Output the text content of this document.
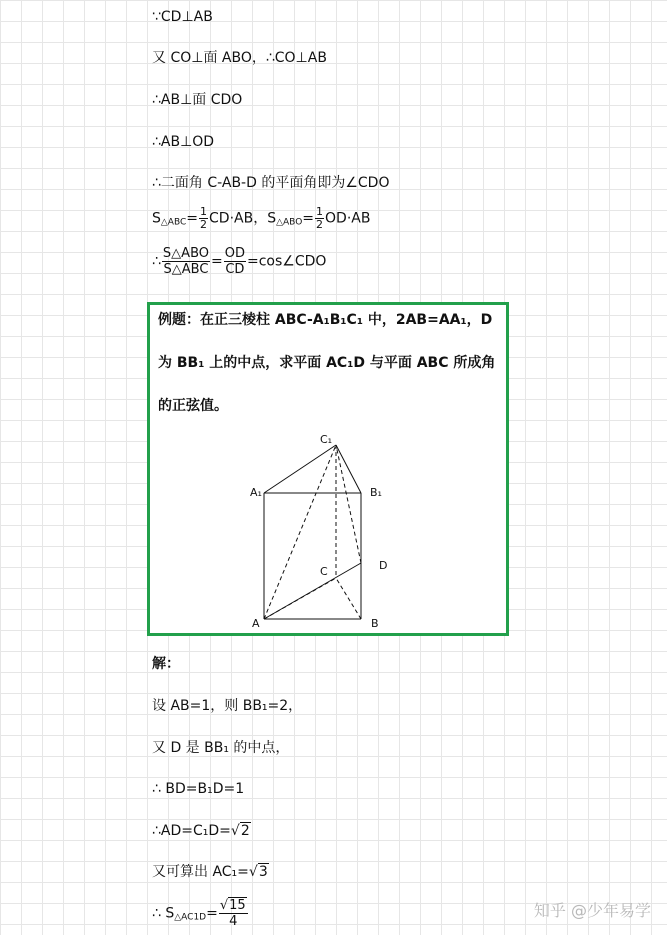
∵CD⊥AB
又 CO⊥面 ABO，∴CO⊥AB
∴AB⊥面 CDO
∴AB⊥OD
∴二面角 C-AB-D 的平面角即为∠CDO
$S_{\triangle ABC}= \frac{1}{2} CD\cdot AB$，$S_{\triangle ABO}= \frac{1}{2} OD\cdot AB$
∴ $\frac{\text{S△ABO}}{\text{S△ABC}} = \frac{OD}{CD}$ =cos∠CDO
解：
设 AB=1，则 BB₁=2，
又 D 是 BB₁ 的中点，
∴ BD=B₁D=1
∴AD=C₁D=√2
又可算出 AC₁=√3
∴ $S_{\triangle AC1D}= \frac{√15}{4}$
例题：在正三棱柱 ABC-A₁B₁C₁ 中，2AB=AA₁，D
为 BB₁ 上的中点，求平面 AC₁D 与平面 ABC 所成角
的正弦值。
C₁
A₁	B₁
C	D
A	B
知乎 @少年易学
